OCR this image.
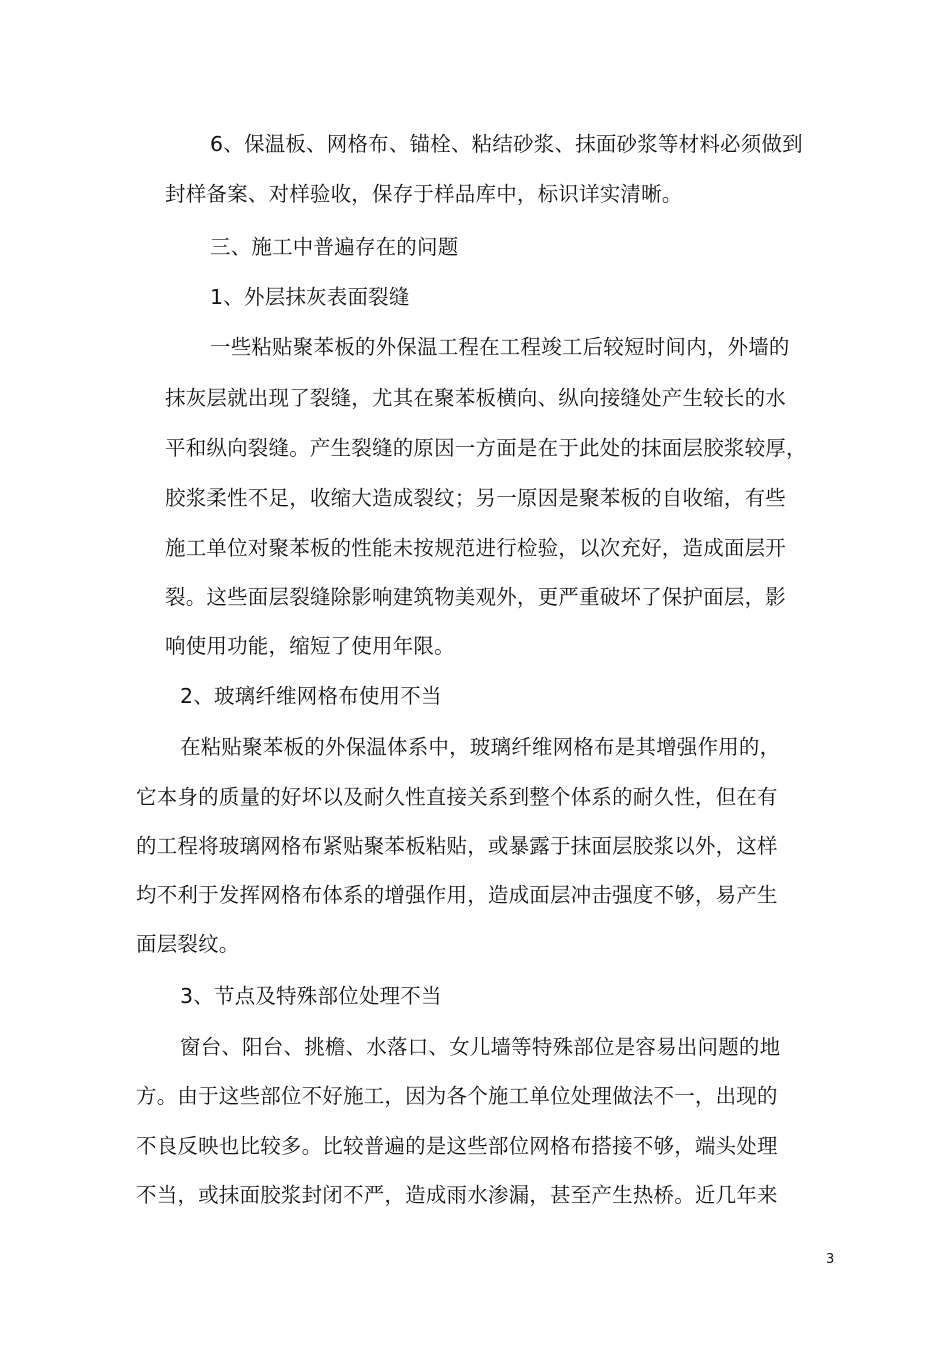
6、保温板、网格布、锚栓、粘结砂浆、抹面砂浆等材料必须做到
封样备案、对样验收，保存于样品库中，标识详实清晰。
三、施工中普遍存在的问题
1、外层抹灰表面裂缝
一些粘贴聚苯板的外保温工程在工程竣工后较短时间内，外墙的
抹灰层就出现了裂缝，尤其在聚苯板横向、纵向接缝处产生较长的水
平和纵向裂缝。产生裂缝的原因一方面是在于此处的抹面层胶浆较厚，
胶浆柔性不足，收缩大造成裂纹；另一原因是聚苯板的自收缩，有些
施工单位对聚苯板的性能未按规范进行检验，以次充好，造成面层开
裂。这些面层裂缝除影响建筑物美观外，更严重破坏了保护面层，影
响使用功能，缩短了使用年限。
2、玻璃纤维网格布使用不当
在粘贴聚苯板的外保温体系中，玻璃纤维网格布是其增强作用的，
它本身的质量的好坏以及耐久性直接关系到整个体系的耐久性，但在有
的工程将玻璃网格布紧贴聚苯板粘贴，或暴露于抹面层胶浆以外，这样
均不利于发挥网格布体系的增强作用，造成面层冲击强度不够，易产生
面层裂纹。
3、节点及特殊部位处理不当
窗台、阳台、挑檐、水落口、女儿墙等特殊部位是容易出问题的地
方。由于这些部位不好施工，因为各个施工单位处理做法不一，出现的
不良反映也比较多。比较普遍的是这些部位网格布搭接不够，端头处理
不当，或抹面胶浆封闭不严，造成雨水渗漏，甚至产生热桥。近几年来
3
